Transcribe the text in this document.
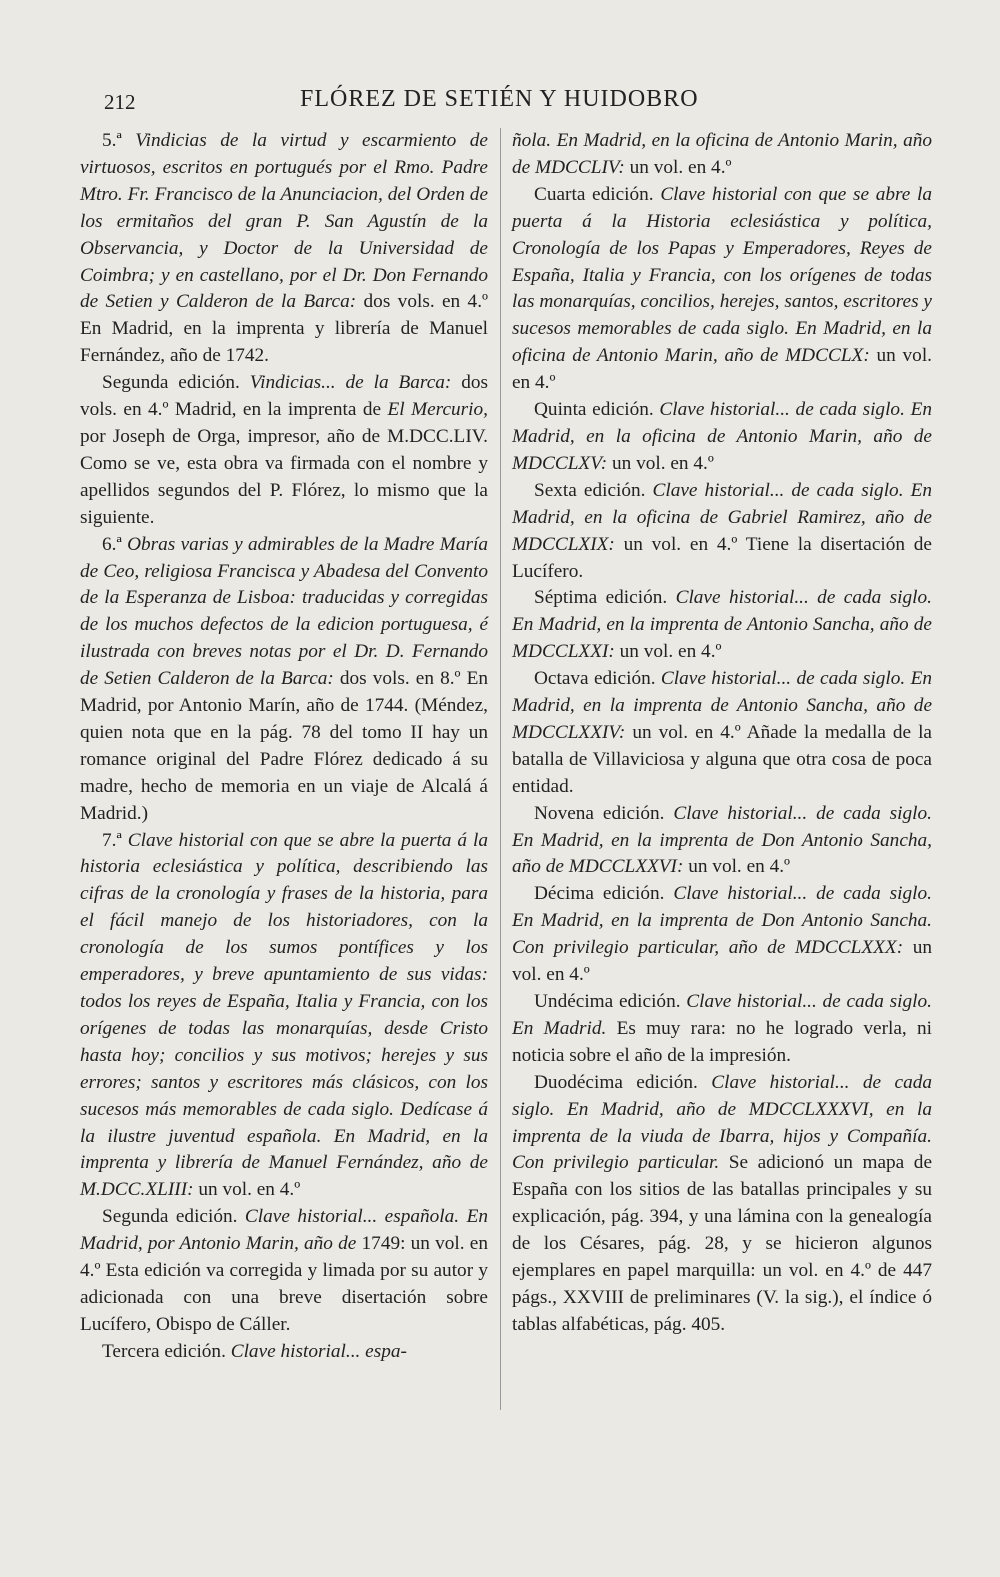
212	FLÓREZ DE SETIÉN Y HUIDOBRO

5.ª Vindicias de la virtud y escarmiento de virtuosos, escritos en portugués por el Rmo. Padre Mtro. Fr. Francisco de la Anunciacion, del Orden de los ermitaños del gran P. San Agustín de la Observancia, y Doctor de la Universidad de Coimbra; y en castellano, por el Dr. Don Fernando de Setien y Calderon de la Barca: dos vols. en 4.º En Madrid, en la imprenta y librería de Manuel Fernández, año de 1742.

Segunda edición. Vindicias... de la Barca: dos vols. en 4.º Madrid, en la imprenta de El Mercurio, por Joseph de Orga, impresor, año de M.DCC.LIV. Como se ve, esta obra va firmada con el nombre y apellidos segundos del P. Flórez, lo mismo que la siguiente.

6.ª Obras varias y admirables de la Madre María de Ceo, religiosa Francisca y Abadesa del Convento de la Esperanza de Lisboa: traducidas y corregidas de los muchos defectos de la edicion portuguesa, é ilustrada con breves notas por el Dr. D. Fernando de Setien Calderon de la Barca: dos vols. en 8.º En Madrid, por Antonio Marín, año de 1744. (Méndez, quien nota que en la pág. 78 del tomo II hay un romance original del Padre Flórez dedicado á su madre, hecho de memoria en un viaje de Alcalá á Madrid.)

7.ª Clave historial con que se abre la puerta á la historia eclesiástica y política, describiendo las cifras de la cronología y frases de la historia, para el fácil manejo de los historiadores, con la cronología de los sumos pontífices y los emperadores, y breve apuntamiento de sus vidas: todos los reyes de España, Italia y Francia, con los orígenes de todas las monarquías, desde Cristo hasta hoy; concilios y sus motivos; herejes y sus errores; santos y escritores más clásicos, con los sucesos más memorables de cada siglo. Dedícase á la ilustre juventud española. En Madrid, en la imprenta y librería de Manuel Fernández, año de M.DCC.XLIII: un vol. en 4.º

Segunda edición. Clave historial... española. En Madrid, por Antonio Marin, año de 1749: un vol. en 4.º Esta edición va corregida y limada por su autor y adicionada con una breve disertación sobre Lucífero, Obispo de Cáller.

Tercera edición. Clave historial... espa-

ñola. En Madrid, en la oficina de Antonio Marin, año de MDCCLIV: un vol. en 4.º

Cuarta edición. Clave historial con que se abre la puerta á la Historia eclesiástica y política, Cronología de los Papas y Emperadores, Reyes de España, Italia y Francia, con los orígenes de todas las monarquías, concilios, herejes, santos, escritores y sucesos memorables de cada siglo. En Madrid, en la oficina de Antonio Marin, año de MDCCLX: un vol. en 4.º

Quinta edición. Clave historial... de cada siglo. En Madrid, en la oficina de Antonio Marin, año de MDCCLXV: un vol. en 4.º

Sexta edición. Clave historial... de cada siglo. En Madrid, en la oficina de Gabriel Ramirez, año de MDCCLXIX: un vol. en 4.º Tiene la disertación de Lucífero.

Séptima edición. Clave historial... de cada siglo. En Madrid, en la imprenta de Antonio Sancha, año de MDCCLXXI: un vol. en 4.º

Octava edición. Clave historial... de cada siglo. En Madrid, en la imprenta de Antonio Sancha, año de MDCCLXXIV: un vol. en 4.º Añade la medalla de la batalla de Villaviciosa y alguna que otra cosa de poca entidad.

Novena edición. Clave historial... de cada siglo. En Madrid, en la imprenta de Don Antonio Sancha, año de MDCCLXXVI: un vol. en 4.º

Décima edición. Clave historial... de cada siglo. En Madrid, en la imprenta de Don Antonio Sancha. Con privilegio particular, año de MDCCLXXX: un vol. en 4.º

Undécima edición. Clave historial... de cada siglo. En Madrid. Es muy rara: no he logrado verla, ni noticia sobre el año de la impresión.

Duodécima edición. Clave historial... de cada siglo. En Madrid, año de MDCCLXXXVI, en la imprenta de la viuda de Ibarra, hijos y Compañía. Con privilegio particular. Se adicionó un mapa de España con los sitios de las batallas principales y su explicación, pág. 394, y una lámina con la genealogía de los Césares, pág. 28, y se hicieron algunos ejemplares en papel marquilla: un vol. en 4.º de 447 págs., XXVIII de preliminares (V. la sig.), el índice ó tablas alfabéticas, pág. 405.
